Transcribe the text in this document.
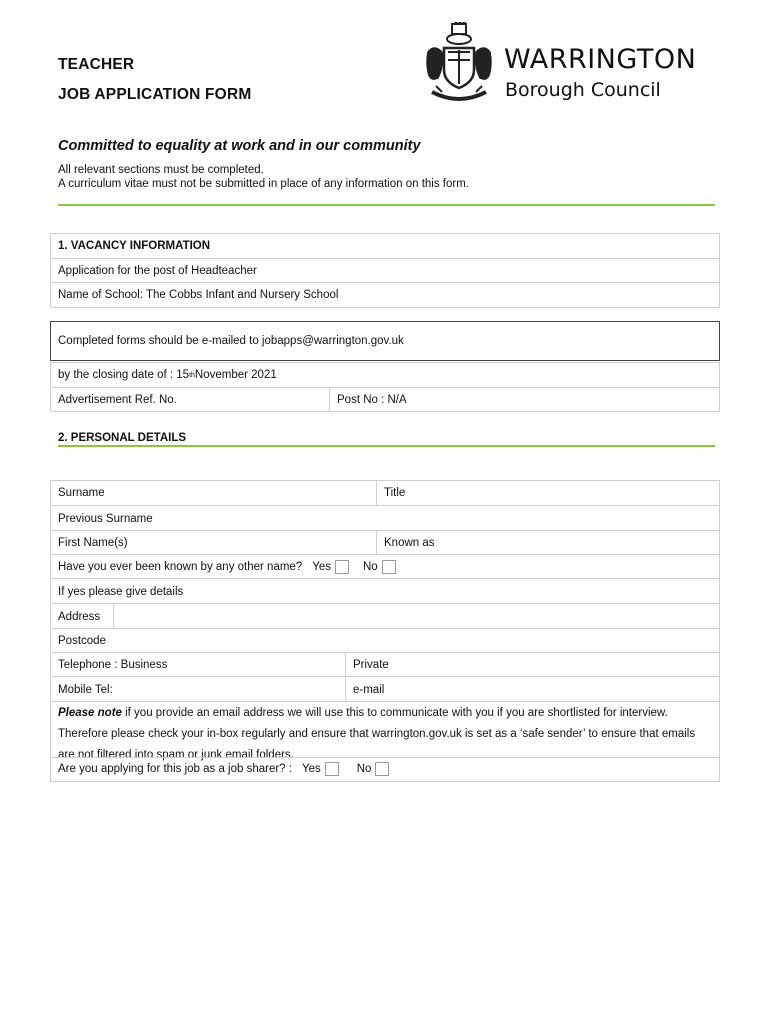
TEACHER
JOB APPLICATION FORM
WARRINGTON
Borough Council
Committed to equality at work and in our community
All relevant sections must be completed.
A curriculum vitae must not be submitted in place of any information on this form.
1. VACANCY INFORMATION
Application for the post of Headteacher
Name of School: The Cobbs Infant and Nursery School
Completed forms should be e-mailed to jobapps@warrington.gov.uk
by the closing date of : 15 th November 2021
Advertisement Ref. No.	Post No : N/A
2. PERSONAL DETAILS
Surname	Title
Previous Surname
First Name(s)	Known as
Have you ever been known by any other name? Yes	No
If yes please give details
Address
Postcode
Telephone : Business	Private
Mobile Tel:	e-mail
Please note if you provide an email address we will use this to communicate with you if you are shortlisted for interview. Therefore please check your in-box regularly and ensure that warrington.gov.uk is set as a ‘safe sender’ to ensure that emails are not filtered into spam or junk email folders.
Are you applying for this job as a job sharer? : Yes	No
